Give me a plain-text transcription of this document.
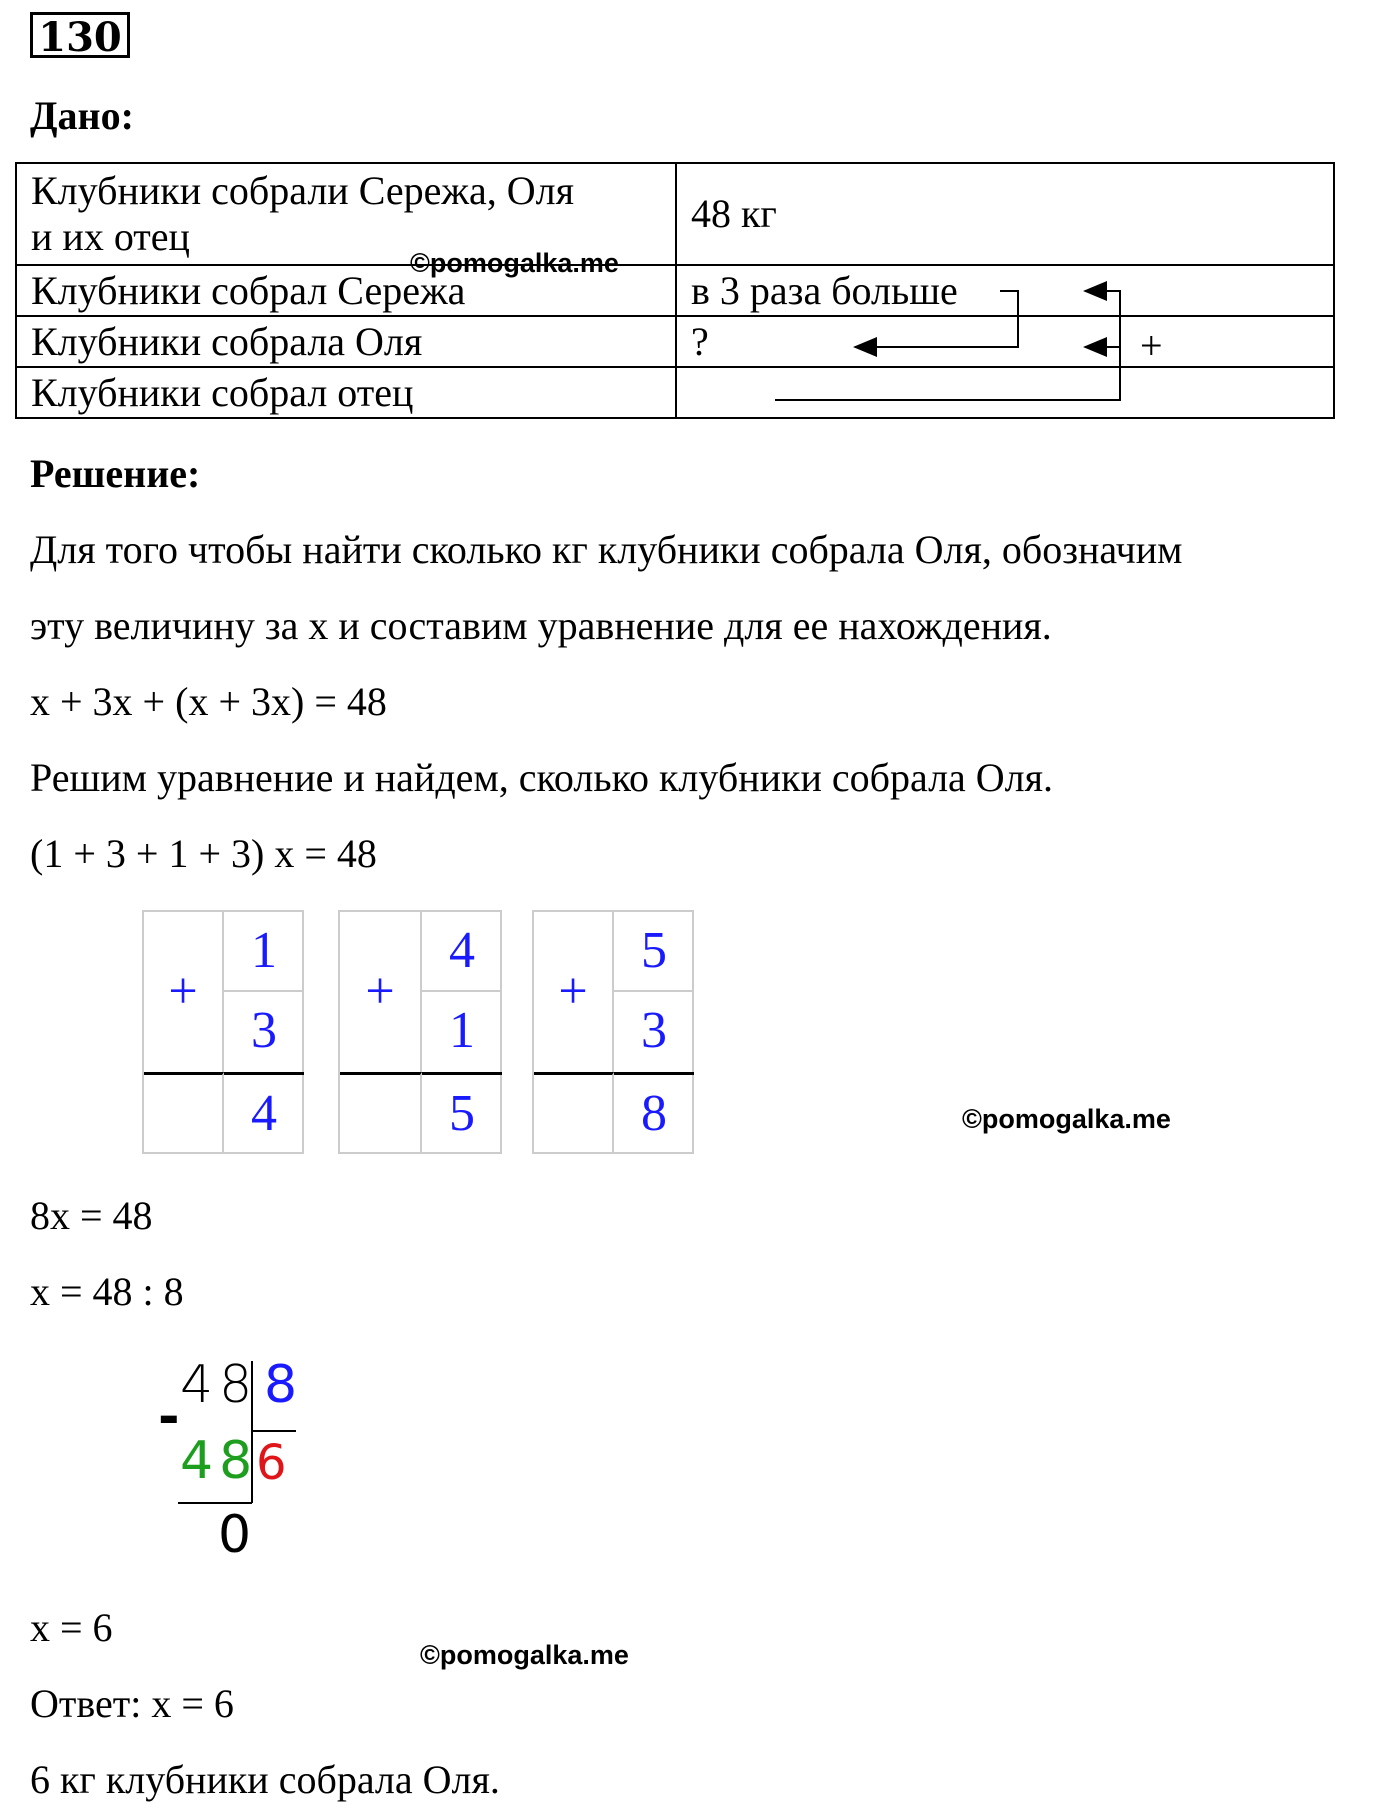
130
Дано:
Клубники собрали Сережа, Оля
и их отец	48 кг
Клубники собрал Сережа	в 3 раза больше
Клубники собрала Оля	?
Клубники собрал отец	
+
©pomogalka.me
Решение:
Для того чтобы найти сколько кг клубники собрала Оля, обозначим
эту величину за x и составим уравнение для ее нахождения.
x + 3x + (x + 3x) = 48
Решим уравнение и найдем, сколько клубники собрала Оля.
(1 + 3 + 1 + 3) x = 48
+
1
3
4
+
4
1
5
+
5
3
8	©pomogalka.me
8x = 48
x = 48 : 8
48 8
-
48
6
0
x = 6
©pomogalka.me
Ответ: x = 6
6 кг клубники собрала Оля.
